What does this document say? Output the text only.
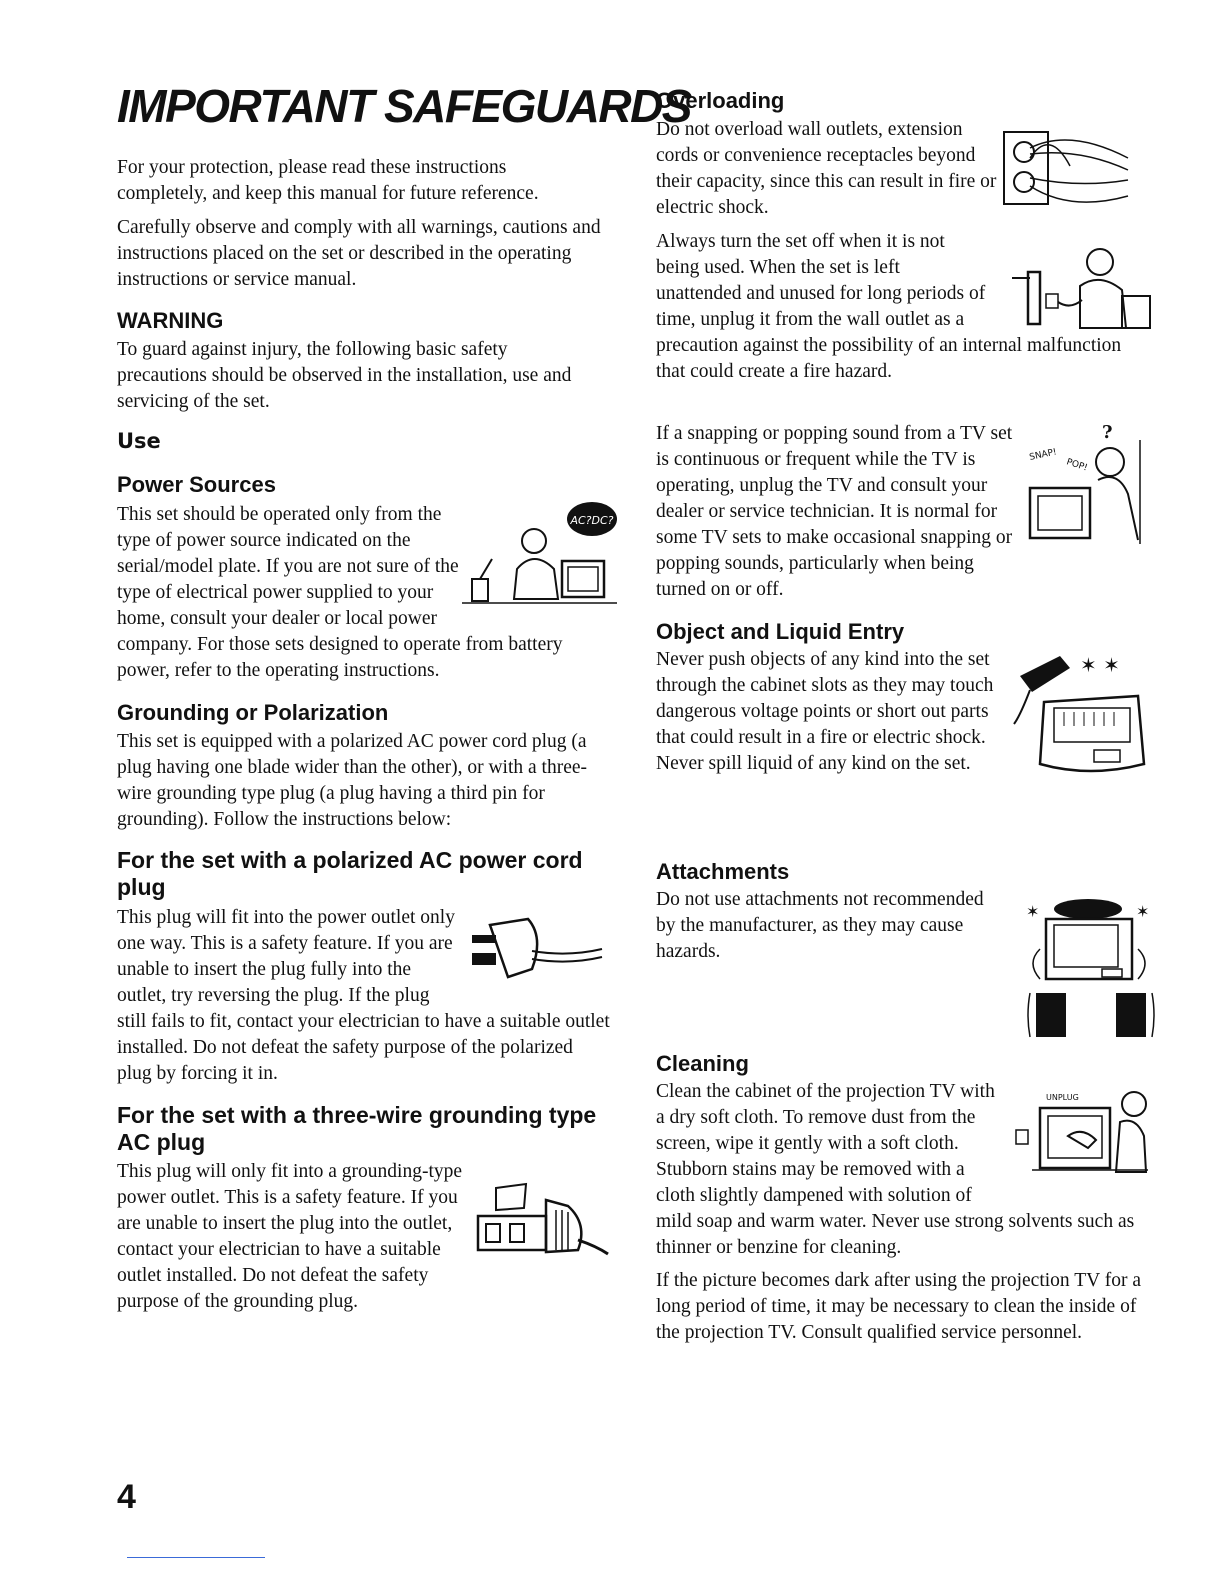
IMPORTANT SAFEGUARDS

For your protection, please read these instructions completely, and keep this manual for future reference.

Carefully observe and comply with all warnings, cautions and instructions placed on the set or described in the operating instructions or service manual.

WARNING

To guard against injury, the following basic safety precautions should be observed in the installation, use and servicing of the set.

Use
Power Sources
AC?DC?

This set should be operated only from the type of power source indicated on the serial/model plate. If you are not sure of the type of electrical power supplied to your home, consult your dealer or local power
company. For those sets designed to operate from battery power, refer to the operating instructions.

Grounding or Polarization

This set is equipped with a polarized AC power cord plug (a plug having one blade wider than the other), or with a three-wire grounding type plug (a plug having a third pin for grounding). Follow the instructions below:

For the set with a polarized AC power cord plug

This plug will fit into the power outlet only one way. This is a safety feature. If you are unable to insert the plug fully into the outlet, try reversing the plug. If the plug
still fails to fit, contact your electrician to have a suitable outlet installed. Do not defeat the safety purpose of the polarized plug by forcing it in.

For the set with a three-wire grounding type AC plug

This plug will only fit into a grounding-type power outlet. This is a safety feature. If you are unable to insert the plug into the outlet, contact your electrician to have a suitable outlet installed. Do not defeat the safety
purpose of the grounding plug.

Overloading

Do not overload wall outlets, extension cords or convenience receptacles beyond their capacity, since this can result in fire or electric shock.

Always turn the set off when it is not being used. When the set is left unattended and unused for long periods of time, unplug it from the wall outlet as a
precaution against the possibility of an internal malfunction that could create a fire hazard.

SNAP!
POP!
?

If a snapping or popping sound from a TV set is continuous or frequent while the TV is operating, unplug the TV and consult your dealer or service technician. It is normal for some TV sets to make occasional snapping or popping sounds, particularly when being turned on or off.

Object and Liquid Entry
✶ ✶

Never push objects of any kind into the set through the cabinet slots as they may touch dangerous voltage points or short out parts that could result in a fire or electric shock. Never spill liquid of any kind on the set.

Attachments
✶	✶

Do not use attachments not recommended by the manufacturer, as they may cause hazards.

Cleaning
UNPLUG

Clean the cabinet of the projection TV with a dry soft cloth. To remove dust from the screen, wipe it gently with a soft cloth. Stubborn stains may be removed with a cloth slightly dampened with solution of
mild soap and warm water. Never use strong solvents such as thinner or benzine for cleaning.

If the picture becomes dark after using the projection TV for a long period of time, it may be necessary to clean the inside of the projection TV. Consult qualified service personnel.

4
